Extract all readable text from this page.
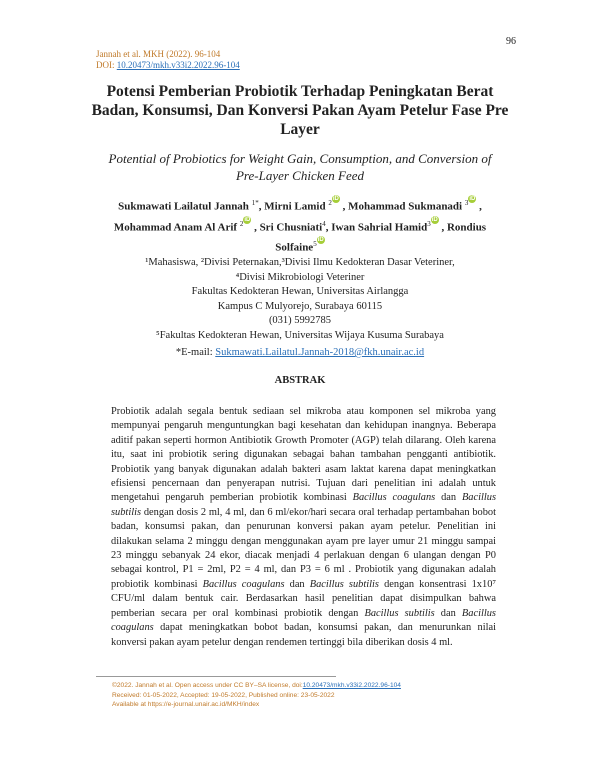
96
Jannah et al. MKH (2022). 96-104
DOI: 10.20473/mkh.v33i2.2022.96-104
Potensi Pemberian Probiotik Terhadap Peningkatan Berat Badan, Konsumsi, Dan Konversi Pakan Ayam Petelur Fase Pre Layer
Potential of Probiotics for Weight Gain, Consumption, and Conversion of Pre-Layer Chicken Feed
Sukmawati Lailatul Jannah $^{1*}$, Mirni Lamid $^2$iD , Mohammad Sukmanadi $^3$iD , Mohammad Anam Al Arif $^2$iD , Sri Chusniati$^4$, Iwan Sahrial Hamid$^3$iD , Rondius Solfaine$^5$iD
¹Mahasiswa, ²Divisi Peternakan,³Divisi Ilmu Kedokteran Dasar Veteriner,
⁴Divisi Mikrobiologi Veteriner
Fakultas Kedokteran Hewan, Universitas Airlangga
Kampus C Mulyorejo, Surabaya 60115
(031) 5992785
⁵Fakultas Kedokteran Hewan, Universitas Wijaya Kusuma Surabaya
*E-mail: Sukmawati.Lailatul.Jannah-2018@fkh.unair.ac.id
ABSTRAK
Probiotik adalah segala bentuk sediaan sel mikroba atau komponen sel mikroba yang mempunyai pengaruh menguntungkan bagi kesehatan dan kehidupan inangnya. Beberapa aditif pakan seperti hormon Antibiotik Growth Promoter (AGP) telah dilarang. Oleh karena itu, saat ini probiotik sering digunakan sebagai bahan tambahan pengganti antibiotik. Probiotik yang banyak digunakan adalah bakteri asam laktat karena dapat meningkatkan efisiensi pencernaan dan penyerapan nutrisi. Tujuan dari penelitian ini adalah untuk mengetahui pengaruh pemberian probiotik kombinasi Bacillus coagulans dan Bacillus subtilis dengan dosis 2 ml, 4 ml, dan 6 ml/ekor/hari secara oral terhadap pertambahan bobot badan, konsumsi pakan, dan penurunan konversi pakan ayam petelur. Penelitian ini dilakukan selama 2 minggu dengan menggunakan ayam pre layer umur 21 minggu sampai 23 minggu sebanyak 24 ekor, diacak menjadi 4 perlakuan dengan 6 ulangan dengan P0 sebagai kontrol, P1 = 2ml, P2 = 4 ml, dan P3 = 6 ml . Probiotik yang digunakan adalah probiotik kombinasi Bacillus coagulans dan Bacillus subtilis dengan konsentrasi 1x10⁷ CFU/ml dalam bentuk cair. Berdasarkan hasil penelitian dapat disimpulkan bahwa pemberian secara per oral kombinasi probiotik dengan Bacillus subtilis dan Bacillus coagulans dapat meningkatkan bobot badan, konsumsi pakan, dan menurunkan nilai konversi pakan ayam petelur dengan rendemen tertinggi bila diberikan dosis 4 ml.
©2022. Jannah et al. Open access under CC BY–SA license, doi:10.20473/mkh.v33i2.2022.96-104
Received: 01-05-2022, Accepted: 19-05-2022, Published online: 23-05-2022
Available at https://e-journal.unair.ac.id/MKH/index
